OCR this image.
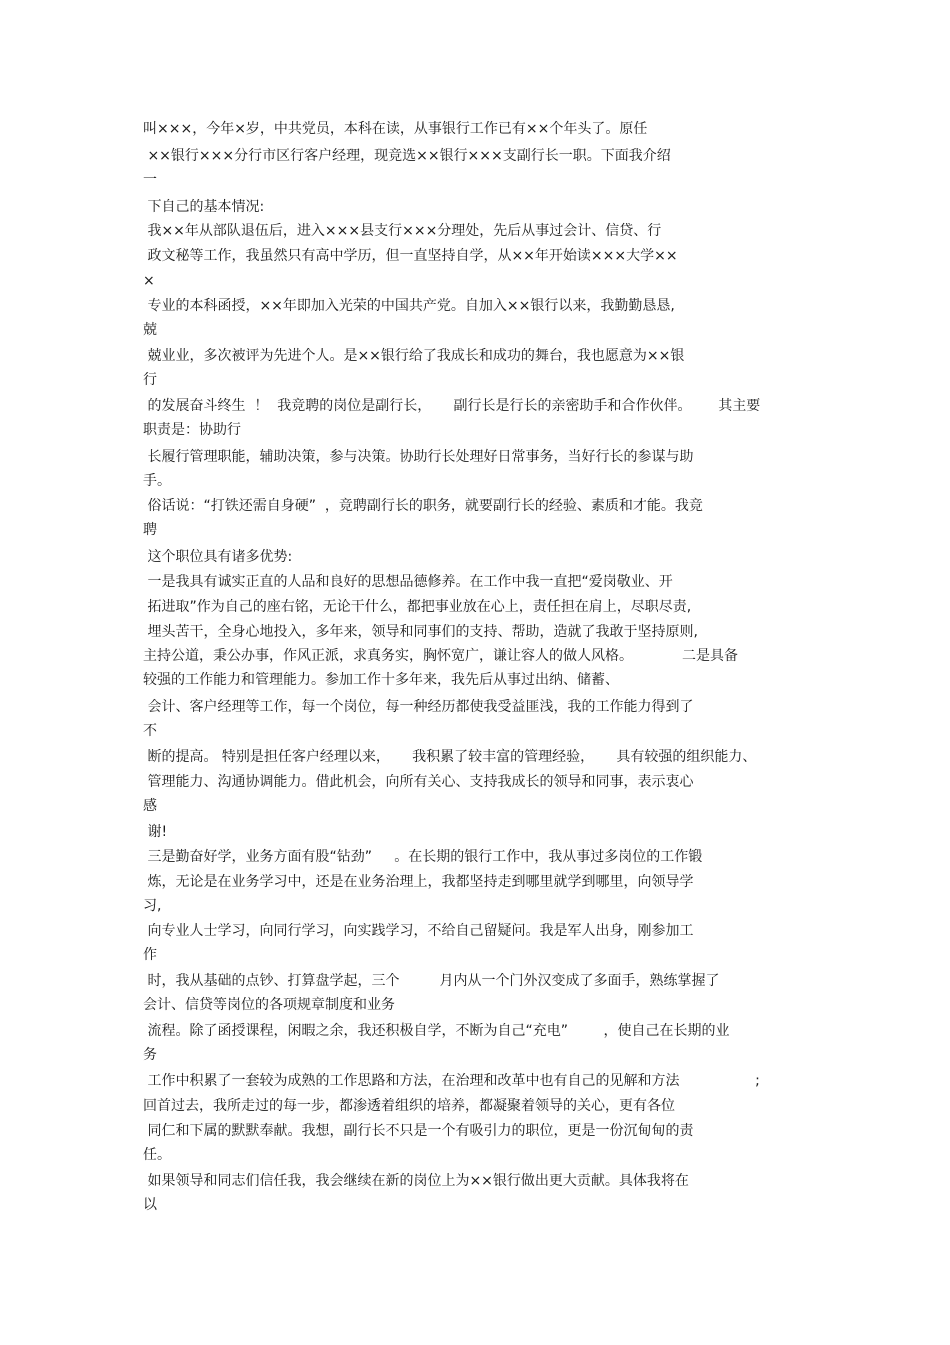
叫×××，今年×岁，中共党员，本科在读，从事银行工作已有××个年头了。原任

××银行×××分行市区行客户经理，现竞选××银行×××支副行长一职。下面我介绍

一

下自己的基本情况:

我××年从部队退伍后，进入×××县支行×××分理处，先后从事过会计、信贷、行

政文秘等工作，我虽然只有高中学历，但一直坚持自学，从××年开始读×××大学××

×

专业的本科函授，××年即加入光荣的中国共产党。自加入××银行以来，我勤勤恳恳,

兢

兢业业，多次被评为先进个人。是××银行给了我成长和成功的舞台，我也愿意为××银

行

的发展奋斗终生  ！  我竞聘的岗位是副行长，     副行长是行长的亲密助手和合作伙伴。      其主要

职责是：协助行

长履行管理职能，辅助决策，参与决策。协助行长处理好日常事务，当好行长的参谋与助

手。

俗话说：“打铁还需自身硬”  ，竞聘副行长的职务，就要副行长的经验、素质和才能。我竞

聘

这个职位具有诸多优势:

一是我具有诚实正直的人品和良好的思想品德修养。在工作中我一直把“爱岗敬业、开

拓进取”作为自己的座右铭，无论干什么，都把事业放在心上，责任担在肩上，尽职尽责,

埋头苦干，全身心地投入，多年来，领导和同事们的支持、帮助，造就了我敢于坚持原则,

主持公道，秉公办事，作风正派，求真务实，胸怀宽广，谦让容人的做人风格。           二是具备

较强的工作能力和管理能力。参加工作十多年来，我先后从事过出纳、储蓄、

会计、客户经理等工作，每一个岗位，每一种经历都使我受益匪浅，我的工作能力得到了

不

断的提高。 特别是担任客户经理以来，     我积累了较丰富的管理经验，     具有较强的组织能力、

管理能力、沟通协调能力。借此机会，向所有关心、支持我成长的领导和同事，表示衷心

感

谢!

三是勤奋好学，业务方面有股“钻劲”     。在长期的银行工作中，我从事过多岗位的工作锻

炼，无论是在业务学习中，还是在业务治理上，我都坚持走到哪里就学到哪里，向领导学

习,

向专业人士学习，向同行学习，向实践学习，不给自己留疑问。我是军人出身，刚参加工

作

时，我从基础的点钞、打算盘学起，三个         月内从一个门外汉变成了多面手，熟练掌握了

会计、信贷等岗位的各项规章制度和业务

流程。除了函授课程，闲暇之余，我还积极自学，不断为自己“充电”        ，使自己在长期的业

务

工作中积累了一套较为成熟的工作思路和方法，在治理和改革中也有自己的见解和方法                 ;

回首过去，我所走过的每一步，都渗透着组织的培养，都凝聚着领导的关心，更有各位

同仁和下属的默默奉献。我想，副行长不只是一个有吸引力的职位，更是一份沉甸甸的责

任。

如果领导和同志们信任我，我会继续在新的岗位上为××银行做出更大贡献。具体我将在

以
